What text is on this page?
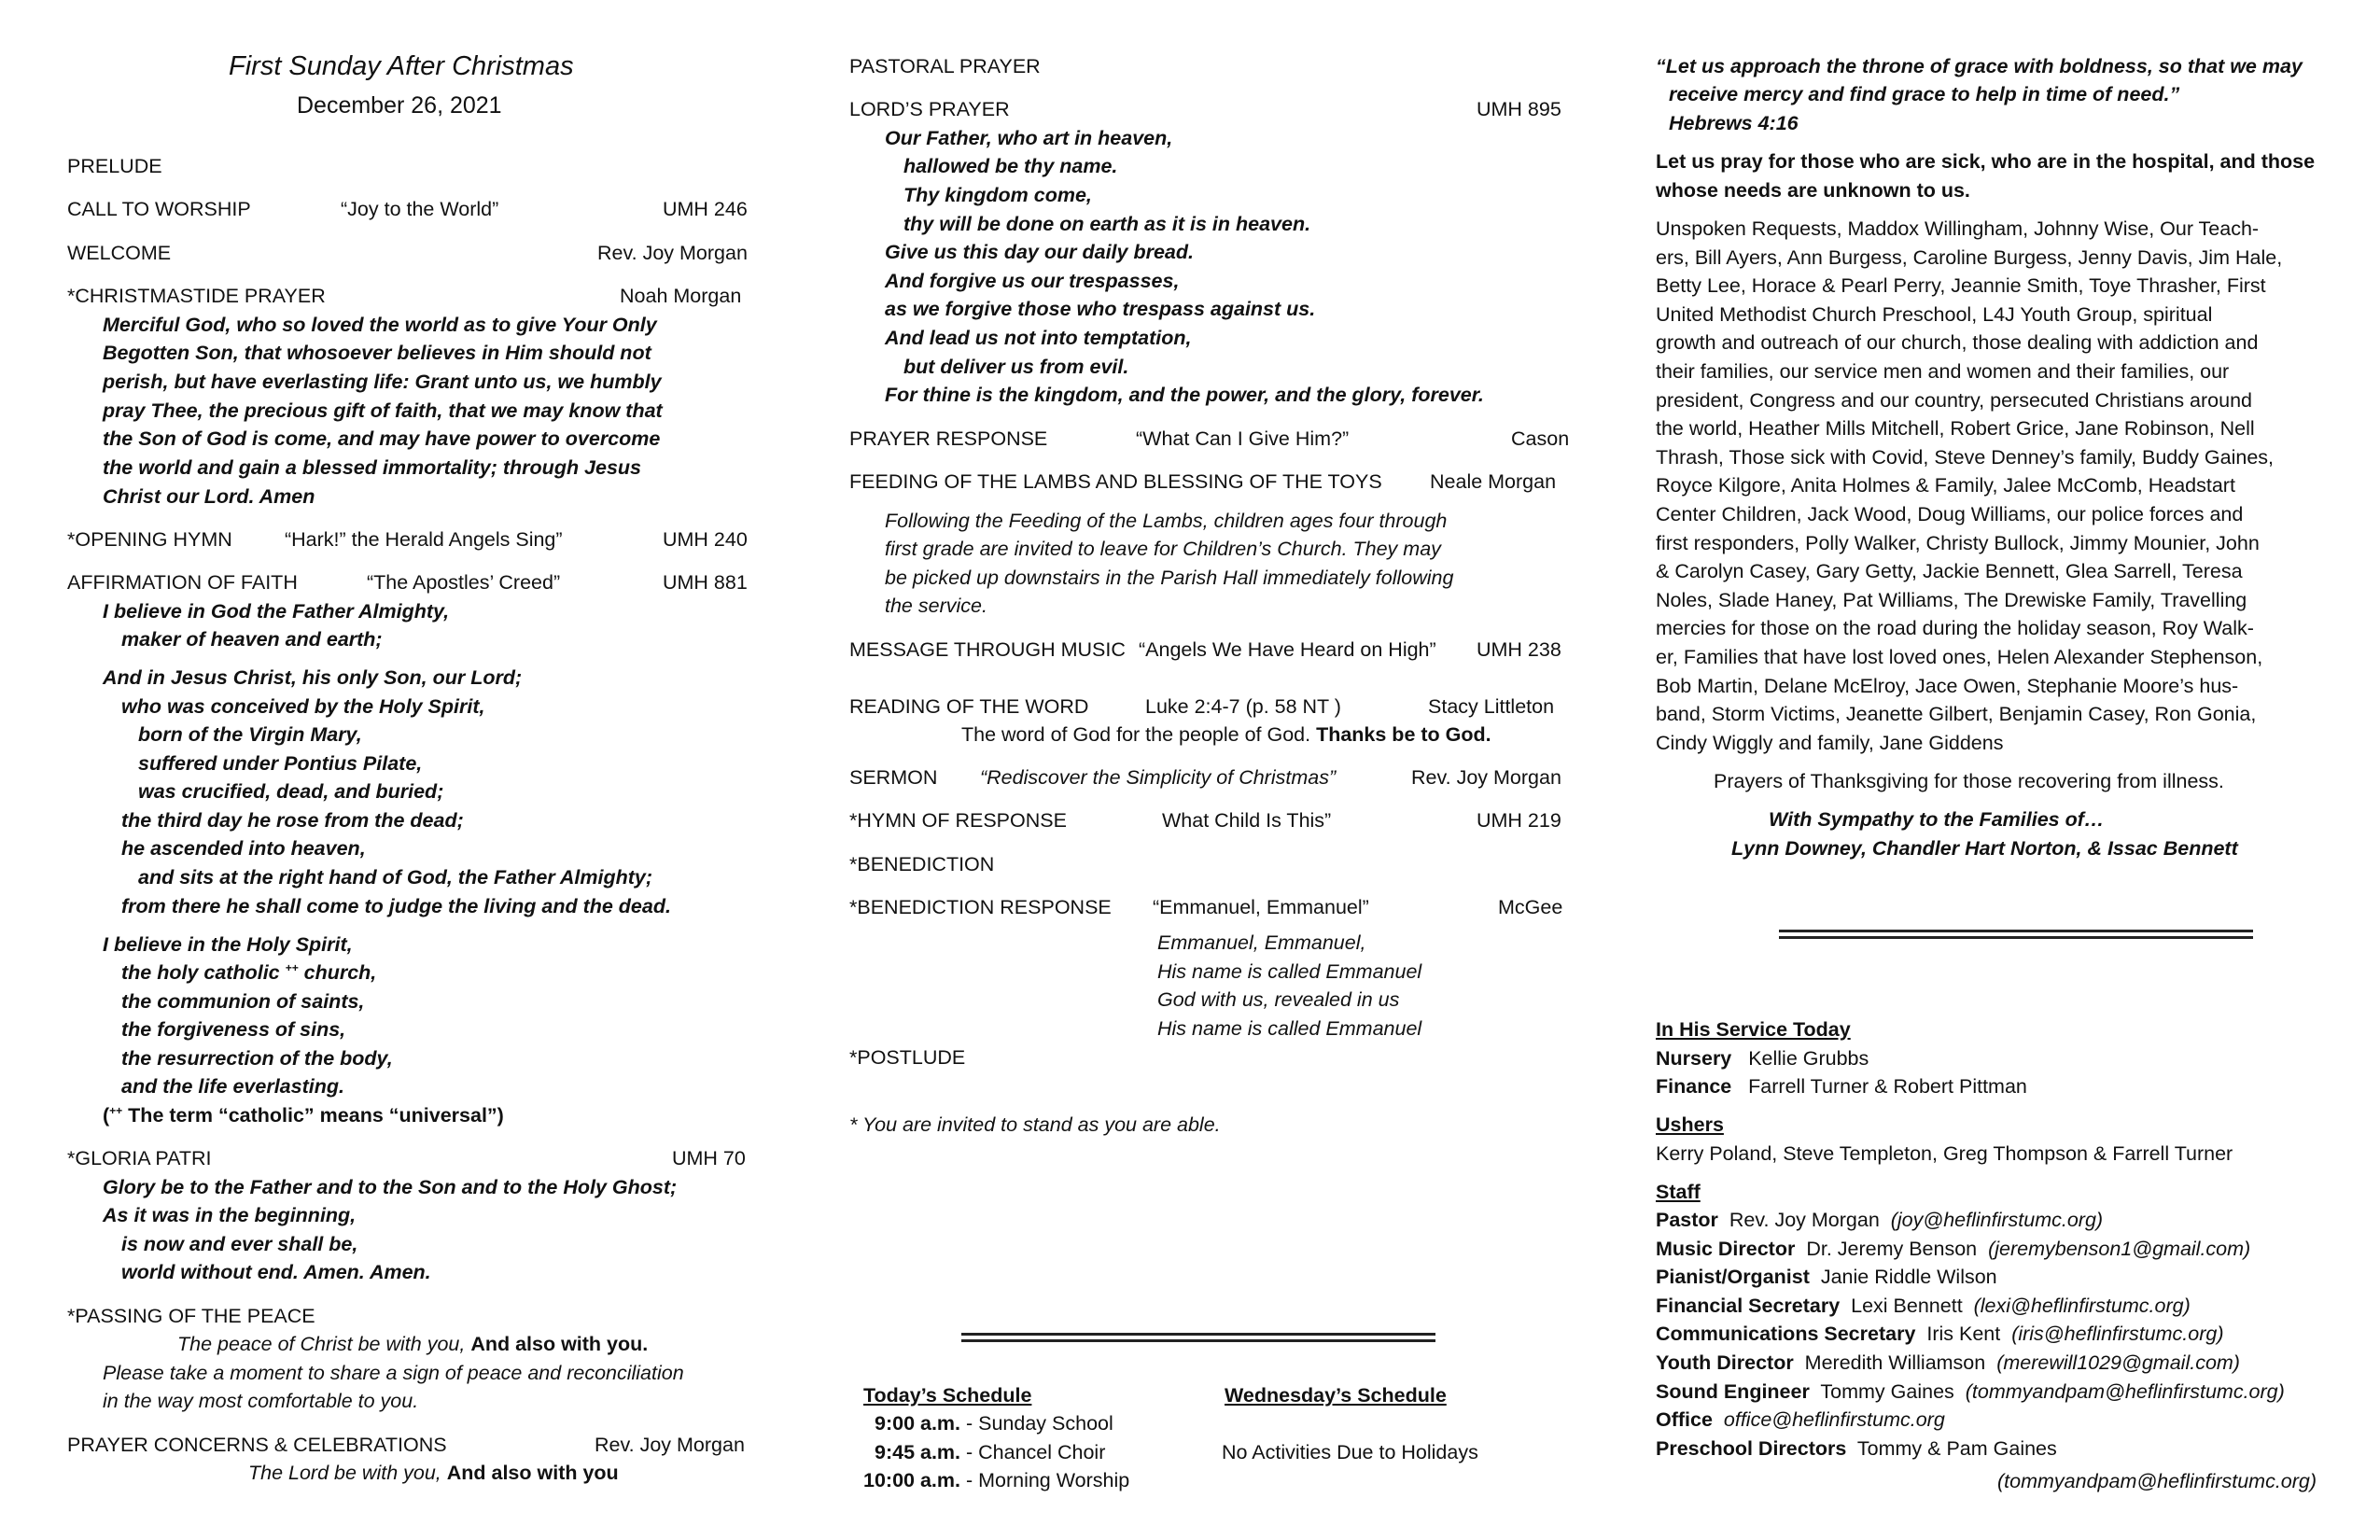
First Sunday After Christmas
December 26, 2021
PRELUDE
CALL TO WORSHIP	“Joy to the World”	UMH 246
WELCOME	Rev. Joy Morgan
*CHRISTMASTIDE PRAYER	Noah Morgan
Merciful God, who so loved the world as to give Your Only
Begotten Son, that whosoever believes in Him should not
perish, but have everlasting life: Grant unto us, we humbly
pray Thee, the precious gift of faith, that we may know that
the Son of God is come, and may have power to overcome
the world and gain a blessed immortality; through Jesus
Christ our Lord. Amen
*OPENING HYMN	“Hark!” the Herald Angels Sing”	UMH 240
AFFIRMATION OF FAITH	“The Apostles’ Creed”	UMH 881
I believe in God the Father Almighty,
maker of heaven and earth;
And in Jesus Christ, his only Son, our Lord;
who was conceived by the Holy Spirit,
born of the Virgin Mary,
suffered under Pontius Pilate,
was crucified, dead, and buried;
the third day he rose from the dead;
he ascended into heaven,
and sits at the right hand of God, the Father Almighty;
from there he shall come to judge the living and the dead.
I believe in the Holy Spirit,
the holy catholic ++ church,
the communion of saints,
the forgiveness of sins,
the resurrection of the body,
and the life everlasting.
(++ The term “catholic” means “universal”)
*GLORIA PATRI	UMH 70
Glory be to the Father and to the Son and to the Holy Ghost;
As it was in the beginning,
is now and ever shall be,
world without end. Amen. Amen.
*PASSING OF THE PEACE
The peace of Christ be with you, And also with you.
Please take a moment to share a sign of peace and reconciliation
in the way most comfortable to you.
PRAYER CONCERNS & CELEBRATIONS	Rev. Joy Morgan
The Lord be with you, And also with you
PASTORAL PRAYER
LORD’S PRAYER	UMH 895
Our Father, who art in heaven,
hallowed be thy name.
Thy kingdom come,
thy will be done on earth as it is in heaven.
Give us this day our daily bread.
And forgive us our trespasses,
as we forgive those who trespass against us.
And lead us not into temptation,
but deliver us from evil.
For thine is the kingdom, and the power, and the glory, forever.
PRAYER RESPONSE	“What Can I Give Him?”	Cason
FEEDING OF THE LAMBS AND BLESSING OF THE TOYS Neale Morgan
Following the Feeding of the Lambs, children ages four through
first grade are invited to leave for Children’s Church. They may
be picked up downstairs in the Parish Hall immediately following
the service.
MESSAGE THROUGH MUSIC “Angels We Have Heard on High” UMH 238
READING OF THE WORD	Luke 2:4-7 (p. 58 NT )	Stacy Littleton
The word of God for the people of God. Thanks be to God.
SERMON “Rediscover the Simplicity of Christmas”	Rev. Joy Morgan
*HYMN OF RESPONSE	What Child Is This”	UMH 219
*BENEDICTION
*BENEDICTION RESPONSE “Emmanuel, Emmanuel”	McGee
Emmanuel, Emmanuel,
His name is called Emmanuel
God with us, revealed in us
His name is called Emmanuel
*POSTLUDE
* You are invited to stand as you are able.
Today’s Schedule
9:00 a.m. - Sunday School
9:45 a.m. - Chancel Choir
10:00 a.m. - Morning Worship
Wednesday’s Schedule
No Activities Due to Holidays
“Let us approach the throne of grace with boldness, so that we may
receive mercy and find grace to help in time of need.”
Hebrews 4:16
Let us pray for those who are sick, who are in the hospital, and those
whose needs are unknown to us.
Unspoken Requests, Maddox Willingham, Johnny Wise, Our Teach-
ers, Bill Ayers, Ann Burgess, Caroline Burgess, Jenny Davis, Jim Hale,
Betty Lee, Horace & Pearl Perry, Jeannie Smith, Toye Thrasher, First
United Methodist Church Preschool, L4J Youth Group, spiritual
growth and outreach of our church, those dealing with addiction and
their families, our service men and women and their families, our
president, Congress and our country, persecuted Christians around
the world, Heather Mills Mitchell, Robert Grice, Jane Robinson, Nell
Thrash, Those sick with Covid, Steve Denney’s family, Buddy Gaines,
Royce Kilgore, Anita Holmes & Family, Jalee McComb, Headstart
Center Children, Jack Wood, Doug Williams, our police forces and
first responders, Polly Walker, Christy Bullock, Jimmy Mounier, John
& Carolyn Casey, Gary Getty, Jackie Bennett, Glea Sarrell, Teresa
Noles, Slade Haney, Pat Williams, The Drewiske Family, Travelling
mercies for those on the road during the holiday season, Roy Walk-
er, Families that have lost loved ones, Helen Alexander Stephenson,
Bob Martin, Delane McElroy, Jace Owen, Stephanie Moore’s hus-
band, Storm Victims, Jeanette Gilbert, Benjamin Casey, Ron Gonia,
Cindy Wiggly and family, Jane Giddens
Prayers of Thanksgiving for those recovering from illness.
With Sympathy to the Families of…
Lynn Downey, Chandler Hart Norton, & Issac Bennett
In His Service Today
Nursery Kellie Grubbs
Finance Farrell Turner & Robert Pittman
Ushers
Kerry Poland, Steve Templeton, Greg Thompson & Farrell Turner
Staff
Pastor Rev. Joy Morgan (joy@heflinfirstumc.org)
Music Director Dr. Jeremy Benson (jeremybenson1@gmail.com)
Pianist/Organist Janie Riddle Wilson
Financial Secretary Lexi Bennett (lexi@heflinfirstumc.org)
Communications Secretary Iris Kent (iris@heflinfirstumc.org)
Youth Director Meredith Williamson (merewill1029@gmail.com)
Sound Engineer Tommy Gaines (tommyandpam@heflinfirstumc.org)
Office office@heflinfirstumc.org
Preschool Directors Tommy & Pam Gaines
(tommyandpam@heflinfirstumc.org)
